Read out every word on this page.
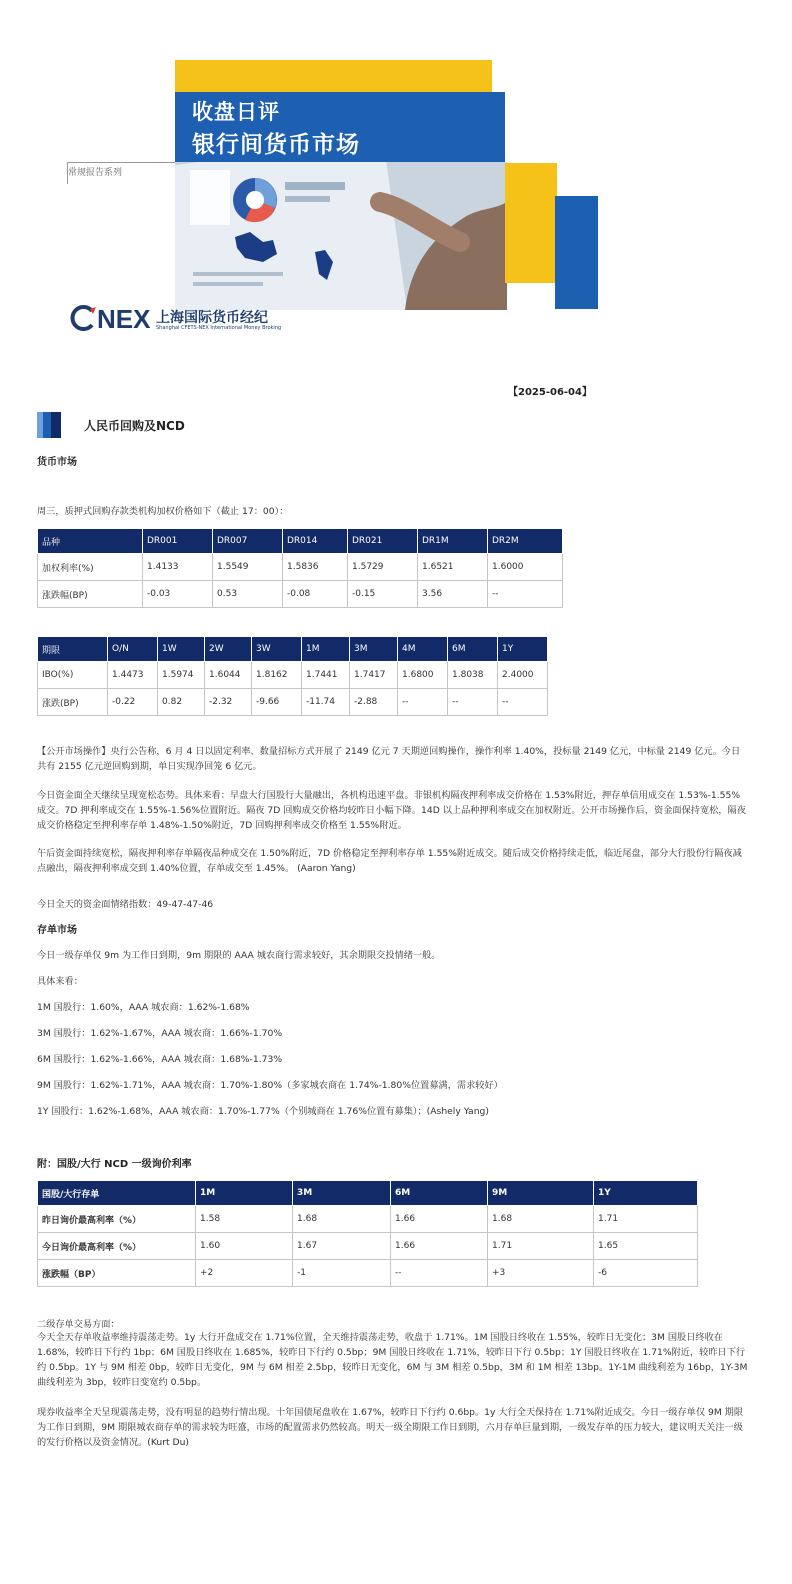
收盘日评
银行间货币市场
常规报告系列
NEX 上海国际货币经纪
Shanghai CFETS-NEX International Money Broking
【2025-06-04】
人民币回购及NCD
货币市场
周三，质押式回购存款类机构加权价格如下（截止 17：00）：
品种	DR001	DR007	DR014	DR021	DR1M	DR2M
加权利率(%)	1.4133	1.5549	1.5836	1.5729	1.6521	1.6000
涨跌幅(BP)	-0.03	0.53	-0.08	-0.15	3.56	--
期限	O/N	1W	2W	3W	1M	3M	4M	6M	1Y
IBO(%)	1.4473	1.5974	1.6044	1.8162	1.7441	1.7417	1.6800	1.8038	2.4000
涨跌(BP)	-0.22	0.82	-2.32	-9.66	-11.74	-2.88	--	--	--
【公开市场操作】央行公告称，6 月 4 日以固定利率、数量招标方式开展了 2149 亿元 7 天期逆回购操作，操作利率 1.40%，投标量 2149 亿元，中标量 2149 亿元。今日共有 2155 亿元逆回购到期，单日实现净回笼 6 亿元。
今日资金面全天继续呈现宽松态势。具体来看：早盘大行国股行大量融出，各机构迅速平盘。非银机构隔夜押利率成交价格在 1.53%附近，押存单信用成交在 1.53%-1.55%成交。7D 押利率成交在 1.55%-1.56%位置附近。隔夜 7D 回购成交价格均较昨日小幅下降。14D 以上品种押利率成交在加权附近。公开市场操作后，资金面保持宽松，隔夜成交价格稳定至押利率存单 1.48%-1.50%附近，7D 回购押利率成交价格至 1.55%附近。
午后资金面持续宽松，隔夜押利率存单隔夜品种成交在 1.50%附近，7D 价格稳定至押利率存单 1.55%附近成交。随后成交价格持续走低，临近尾盘，部分大行股份行隔夜减点融出，隔夜押利率成交到 1.40%位置，存单成交至 1.45%。 (Aaron Yang)
今日全天的资金面情绪指数：49-47-47-46
存单市场
今日一级存单仅 9m 为工作日到期，9m 期限的 AAA 城农商行需求较好，其余期限交投情绪一般。
具体来看：
1M 国股行：1.60%，AAA 城农商：1.62%-1.68%
3M 国股行：1.62%-1.67%，AAA 城农商：1.66%-1.70%
6M 国股行：1.62%-1.66%，AAA 城农商：1.68%-1.73%
9M 国股行：1.62%-1.71%，AAA 城农商：1.70%-1.80%（多家城农商在 1.74%-1.80%位置募满，需求较好）
1Y 国股行：1.62%-1.68%，AAA 城农商：1.70%-1.77%（个别城商在 1.76%位置有募集）；(Ashely Yang)
附：国股/大行 NCD 一级询价利率
国股/大行存单	1M	3M	6M	9M	1Y
昨日询价最高利率（%）	1.58	1.68	1.66	1.68	1.71
今日询价最高利率（%）	1.60	1.67	1.66	1.71	1.65
涨跌幅（BP）	+2	-1	--	+3	-6
二级存单交易方面：
今天全天存单收益率维持震荡走势。1y 大行开盘成交在 1.71%位置，全天维持震荡走势，收盘于 1.71%。1M 国股日终收在 1.55%，较昨日无变化；3M 国股日终收在 1.68%，较昨日下行约 1bp；6M 国股日终收在 1.685%，较昨日下行约 0.5bp；9M 国股日终收在 1.71%，较昨日下行 0.5bp；1Y 国股日终收在 1.71%附近，较昨日下行约 0.5bp。1Y 与 9M 相差 0bp，较昨日无变化，9M 与 6M 相差 2.5bp，较昨日无变化，6M 与 3M 相差 0.5bp，3M 和 1M 相差 13bp。1Y-1M 曲线利差为 16bp，1Y-3M 曲线利差为 3bp，较昨日变宽约 0.5bp。
现券收益率全天呈现震荡走势，没有明显的趋势行情出现。十年国债尾盘收在 1.67%，较昨日下行约 0.6bp。1y 大行全天保持在 1.71%附近成交。今日一级存单仅 9M 期限为工作日到期，9M 期限城农商存单的需求较为旺盛，市场的配置需求仍然较高。明天一级全期限工作日到期，六月存单巨量到期，一级发存单的压力较大，建议明天关注一级的发行价格以及资金情况。(Kurt Du)
